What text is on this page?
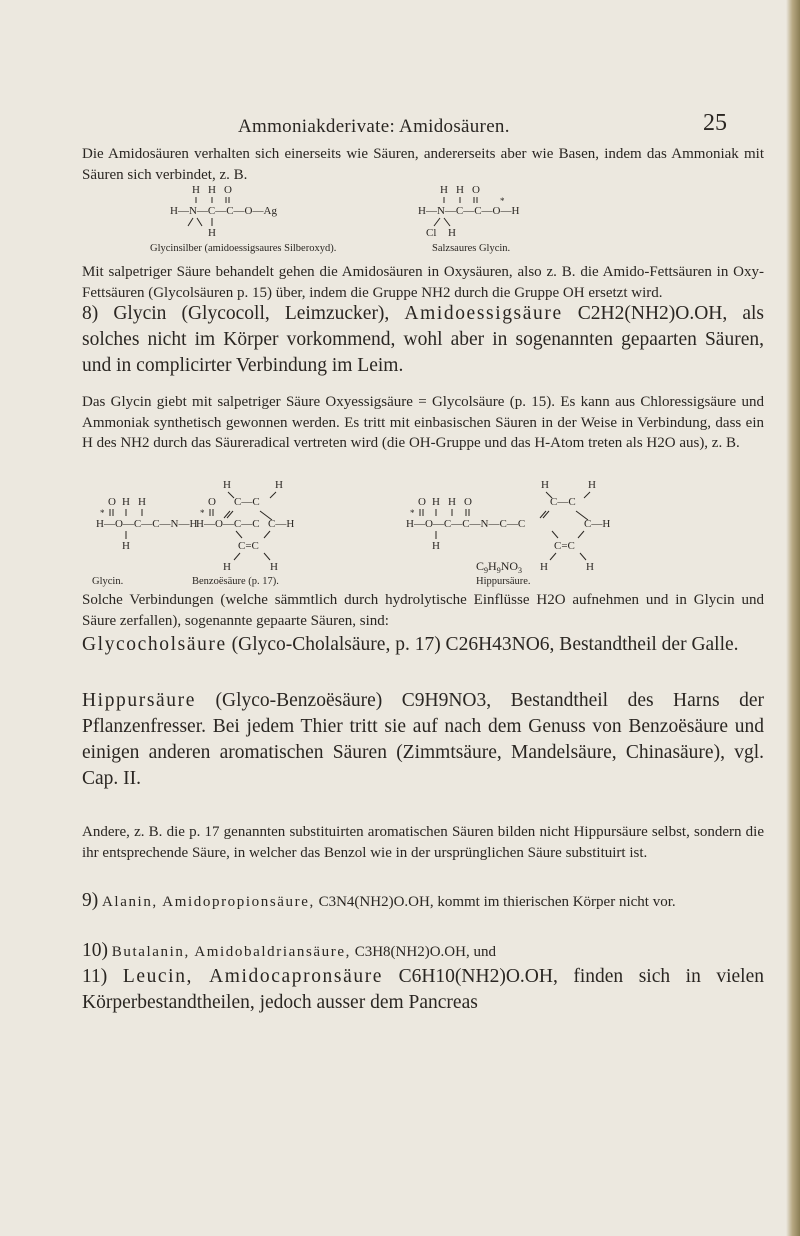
Ammoniakderivate: Amidosäuren.	25

Die Amidosäuren verhalten sich einerseits wie Säuren, andererseits aber wie Basen, indem das Ammoniak mit Säuren sich verbindet, z. B.

H H O
H—N—C—C—O—Ag
H
H H O
*
H—N—C—C—O—H
Cl H
Glycinsilber (amidoessigsaures Silberoxyd).	Salzsaures Glycin.

Mit salpetriger Säure behandelt gehen die Amidosäuren in Oxysäuren, also z. B. die Amido-Fettsäuren in Oxy-Fettsäuren (Glycolsäuren p. 15) über, indem die Gruppe NH2 durch die Gruppe OH ersetzt wird.

8) Glycin (Glycocoll, Leimzucker), Amidoessigsäure C2H2(NH2)O.OH, als solches nicht im Körper vorkommend, wohl aber in sogenannten gepaarten Säuren, und in complicirter Verbindung im Leim.

Das Glycin giebt mit salpetriger Säure Oxyessigsäure = Glycolsäure (p. 15). Es kann aus Chloressigsäure und Ammoniak synthetisch gewonnen werden. Es tritt mit einbasischen Säuren in der Weise in Verbindung, dass ein H des NH2 durch das Säureradical vertreten wird (die OH-Gruppe und das H-Atom treten als H2O aus), z. B.

O H H
*
H—O—C—C—N—H
H
H	H
O C—C
*
H—O—C—C C—H
C=C
H	H
H	H
O H H O	C—C
*
H—O—C—C—N—C—C	C—H
H	C=C
H	H
$C_9H_9NO_3$
Glycin.	Benzoësäure (p. 17).	Hippursäure.

Solche Verbindungen (welche sämmtlich durch hydrolytische Einflüsse H2O aufnehmen und in Glycin und Säure zerfallen), sogenannte gepaarte Säuren, sind:

Glycocholsäure (Glyco-Cholalsäure, p. 17) C26H43NO6, Bestandtheil der Galle.

Hippursäure (Glyco-Benzoësäure) C9H9NO3, Bestandtheil des Harns der Pflanzenfresser. Bei jedem Thier tritt sie auf nach dem Genuss von Benzoësäure und einigen anderen aromatischen Säuren (Zimmtsäure, Mandelsäure, Chinasäure), vgl. Cap. II.

Andere, z. B. die p. 17 genannten substituirten aromatischen Säuren bilden nicht Hippursäure selbst, sondern die ihr entsprechende Säure, in welcher das Benzol wie in der ursprünglichen Säure substituirt ist.

9) Alanin, Amidopropionsäure, C3N4(NH2)O.OH, kommt im thierischen Körper nicht vor.

10) Butalanin, Amidobaldriansäure, C3H8(NH2)O.OH, und

11) Leucin, Amidocapronsäure C6H10(NH2)O.OH, finden sich in vielen Körperbestandtheilen, jedoch ausser dem Pancreas
